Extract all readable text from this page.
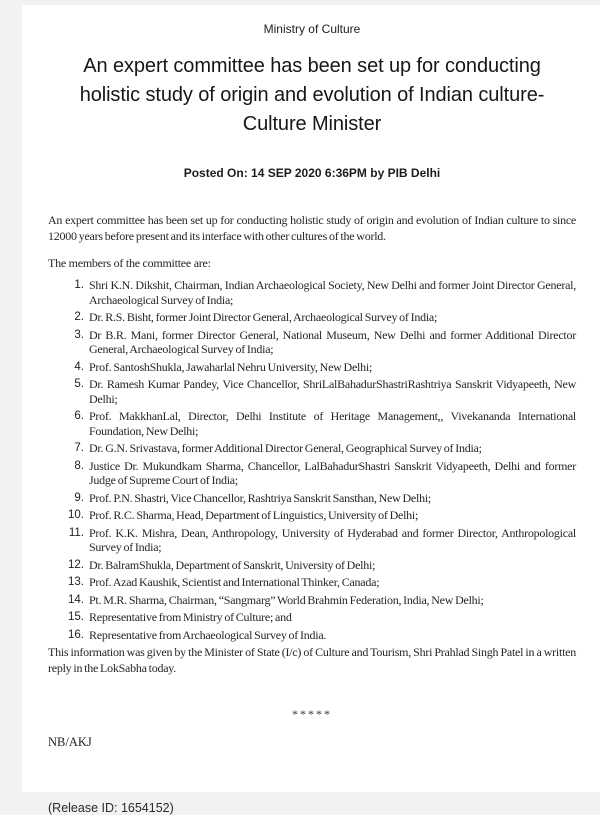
Ministry of Culture
An expert committee has been set up for conducting
holistic study of origin and evolution of Indian culture-
Culture Minister
Posted On: 14 SEP 2020 6:36PM by PIB Delhi
An expert committee has been set up for conducting holistic study of origin and evolution of Indian culture to since 12000 years before present and its interface with other cultures of the world.
The members of the committee are:
1. Shri K.N. Dikshit, Chairman, Indian Archaeological Society, New Delhi and former Joint Director General, Archaeological Survey of India;
2. Dr. R.S. Bisht, former Joint Director General, Archaeological Survey of India;
3. Dr B.R. Mani, former Director General, National Museum, New Delhi and former Additional Director General, Archaeological Survey of India;
4. Prof. SantoshShukla, Jawaharlal Nehru University, New Delhi;
5. Dr. Ramesh Kumar Pandey, Vice Chancellor, ShriLalBahadurShastriRashtriya Sanskrit Vidyapeeth, New Delhi;
6. Prof. MakkhanLal, Director, Delhi Institute of Heritage Management,, Vivekananda International Foundation, New Delhi;
7. Dr. G.N. Srivastava, former Additional Director General, Geographical Survey of India;
8. Justice Dr. Mukundkam Sharma, Chancellor, LalBahadurShastri Sanskrit Vidyapeeth, Delhi and former Judge of Supreme Court of India;
9. Prof. P.N. Shastri, Vice Chancellor, Rashtriya Sanskrit Sansthan, New Delhi;
10. Prof. R.C. Sharma, Head, Department of Linguistics, University of Delhi;
11. Prof. K.K. Mishra, Dean, Anthropology, University of Hyderabad and former Director, Anthropological Survey of India;
12. Dr. BalramShukla, Department of Sanskrit, University of Delhi;
13. Prof. Azad Kaushik, Scientist and International Thinker, Canada;
14. Pt. M.R. Sharma, Chairman, “Sangmarg” World Brahmin Federation, India, New Delhi;
15. Representative from Ministry of Culture; and
16. Representative from Archaeological Survey of India.
This information was given by the Minister of State (I/c) of Culture and Tourism, Shri Prahlad Singh Patel in a written reply in the LokSabha today.
*****
NB/AKJ
(Release ID: 1654152)
